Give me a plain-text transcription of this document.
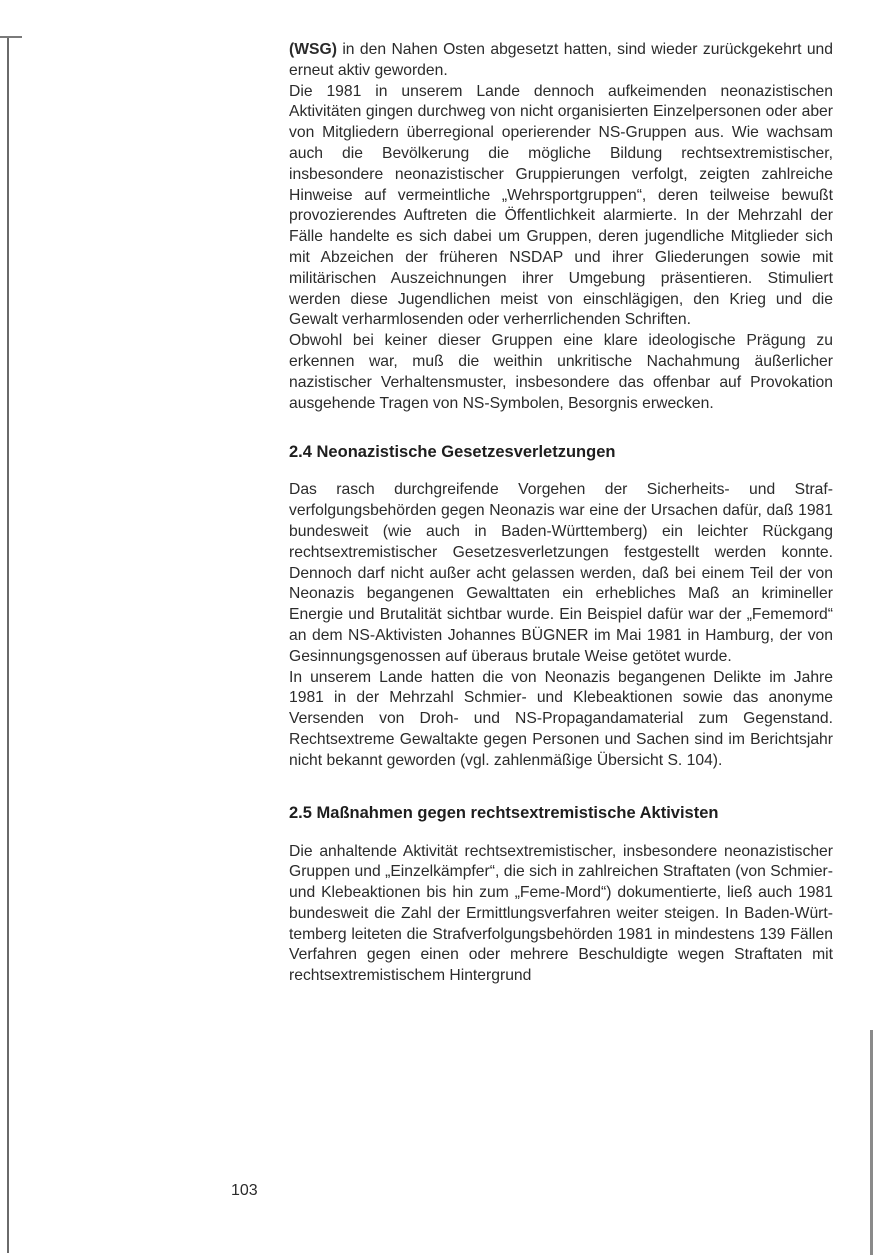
(WSG) in den Nahen Osten abgesetzt hatten, sind wieder zurückgekehrt und erneut aktiv geworden.

Die 1981 in unserem Lande dennoch aufkeimenden neonazistischen Aktivitäten gingen durchweg von nicht organisierten Einzelpersonen oder aber von Mitgliedern überregional operierender NS-Gruppen aus. Wie wachsam auch die Bevölkerung die mögliche Bildung rechtsextremistischer, insbesondere neonazistischer Gruppierungen verfolgt, zeigten zahlreiche Hinweise auf vermeintliche „Wehrsportgruppen“, deren teilweise bewußt provozierendes Auftreten die Öffentlichkeit alarmierte. In der Mehrzahl der Fälle handelte es sich dabei um Gruppen, deren jugendliche Mitglieder sich mit Abzeichen der früheren NSDAP und ihrer Gliederungen sowie mit militärischen Auszeichnungen ihrer Umgebung präsentieren. Stimuliert werden diese Jugendlichen meist von einschlägigen, den Krieg und die Gewalt verharmlosenden oder verherrlichenden Schriften.

Obwohl bei keiner dieser Gruppen eine klare ideologische Prägung zu erkennen war, muß die weithin unkritische Nachahmung äußerlicher nazistischer Verhaltensmuster, insbesondere das offenbar auf Provokation ausgehende Tragen von NS-Symbolen, Besorgnis erwecken.

2.4 Neonazistische Gesetzesverletzungen

Das rasch durchgreifende Vorgehen der Sicherheits- und Strafverfolgungsbehörden gegen Neonazis war eine der Ursachen dafür, daß 1981 bundesweit (wie auch in Baden-Württemberg) ein leichter Rückgang rechtsextremistischer Gesetzesverletzungen festgestellt werden konnte. Dennoch darf nicht außer acht gelassen werden, daß bei einem Teil der von Neonazis begangenen Gewalttaten ein erhebliches Maß an krimineller Energie und Brutalität sichtbar wurde. Ein Beispiel dafür war der „Fememord“ an dem NS-Aktivisten Johannes BÜGNER im Mai 1981 in Hamburg, der von Gesinnungsgenossen auf überaus brutale Weise getötet wurde.

In unserem Lande hatten die von Neonazis begangenen Delikte im Jahre 1981 in der Mehrzahl Schmier- und Klebeaktionen sowie das anonyme Versenden von Droh- und NS-Propagandamaterial zum Gegenstand. Rechtsextreme Gewaltakte gegen Personen und Sachen sind im Berichtsjahr nicht bekannt geworden (vgl. zahlenmäßige Übersicht S. 104).

2.5 Maßnahmen gegen rechtsextremistische Aktivisten

Die anhaltende Aktivität rechtsextremistischer, insbesondere neonazistischer Gruppen und „Einzelkämpfer“, die sich in zahlreichen Straftaten (von Schmier- und Klebeaktionen bis hin zum „Feme-Mord“) dokumentierte, ließ auch 1981 bundesweit die Zahl der Ermittlungsverfahren weiter steigen. In Baden-Württemberg leiteten die Strafverfolgungsbehörden 1981 in mindestens 139 Fällen Verfahren gegen einen oder mehrere Beschuldigte wegen Straftaten mit rechtsextremistischem Hintergrund

103
